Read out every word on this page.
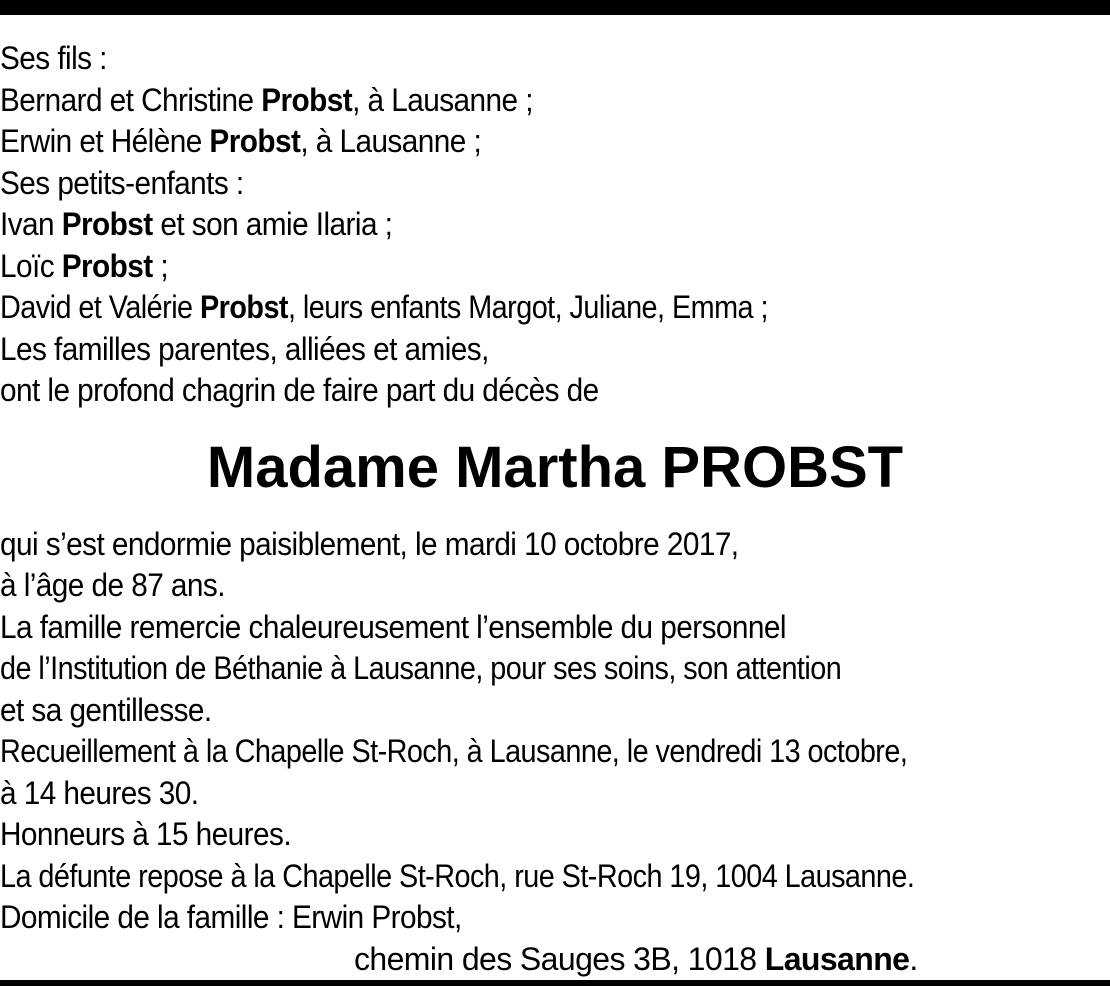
Ses fils :
Bernard et Christine Probst, à Lausanne ;
Erwin et Hélène Probst, à Lausanne ;
Ses petits-enfants :
Ivan Probst et son amie Ilaria ;
Loïc Probst ;
David et Valérie Probst, leurs enfants Margot, Juliane, Emma ;
Les familles parentes, alliées et amies,
ont le profond chagrin de faire part du décès de
Madame Martha PROBST
qui s’est endormie paisiblement, le mardi 10 octobre 2017,
à l’âge de 87 ans.
La famille remercie chaleureusement l’ensemble du personnel
de l’Institution de Béthanie à Lausanne, pour ses soins, son attention
et sa gentillesse.
Recueillement à la Chapelle St-Roch, à Lausanne, le vendredi 13 octobre,
à 14 heures 30.
Honneurs à 15 heures.
La défunte repose à la Chapelle St-Roch, rue St-Roch 19, 1004 Lausanne.
Domicile de la famille : Erwin Probst,
chemin des Sauges 3B, 1018 Lausanne.
